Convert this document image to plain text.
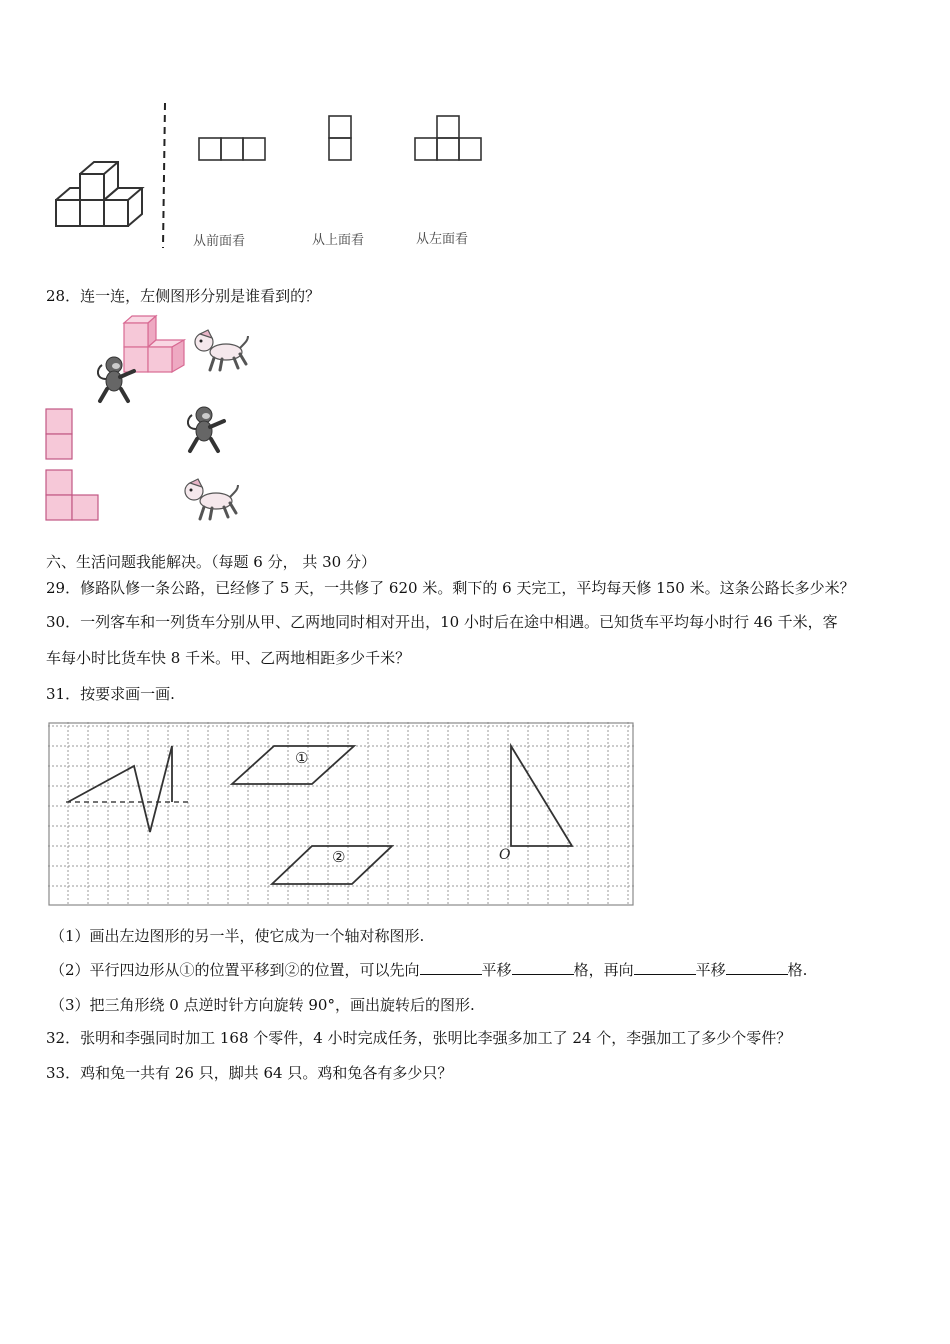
从前面看	从上面看	从左面看
28．连一连，左侧图形分别是谁看到的？
六、生活问题我能解决。（每题 6 分， 共 30 分）
29．修路队修一条公路，已经修了 5 天，一共修了 620 米。剩下的 6 天完工，平均每天修 150 米。这条公路长多少米？
30．一列客车和一列货车分别从甲、乙两地同时相对开出，10 小时后在途中相遇。已知货车平均每小时行 46 千米，客
车每小时比货车快 8 千米。甲、乙两地相距多少千米？
31．按要求画一画.
①
②	O
（1）画出左边图形的另一半，使它成为一个轴对称图形.
（2）平行四边形从①的位置平移到②的位置，可以先向	平移	格，再向	平移	格.
（3）把三角形绕 0 点逆时针方向旋转 90°，画出旋转后的图形.
32．张明和李强同时加工 168 个零件，4 小时完成任务，张明比李强多加工了 24 个，李强加工了多少个零件？
33．鸡和兔一共有 26 只，脚共 64 只。鸡和兔各有多少只？
